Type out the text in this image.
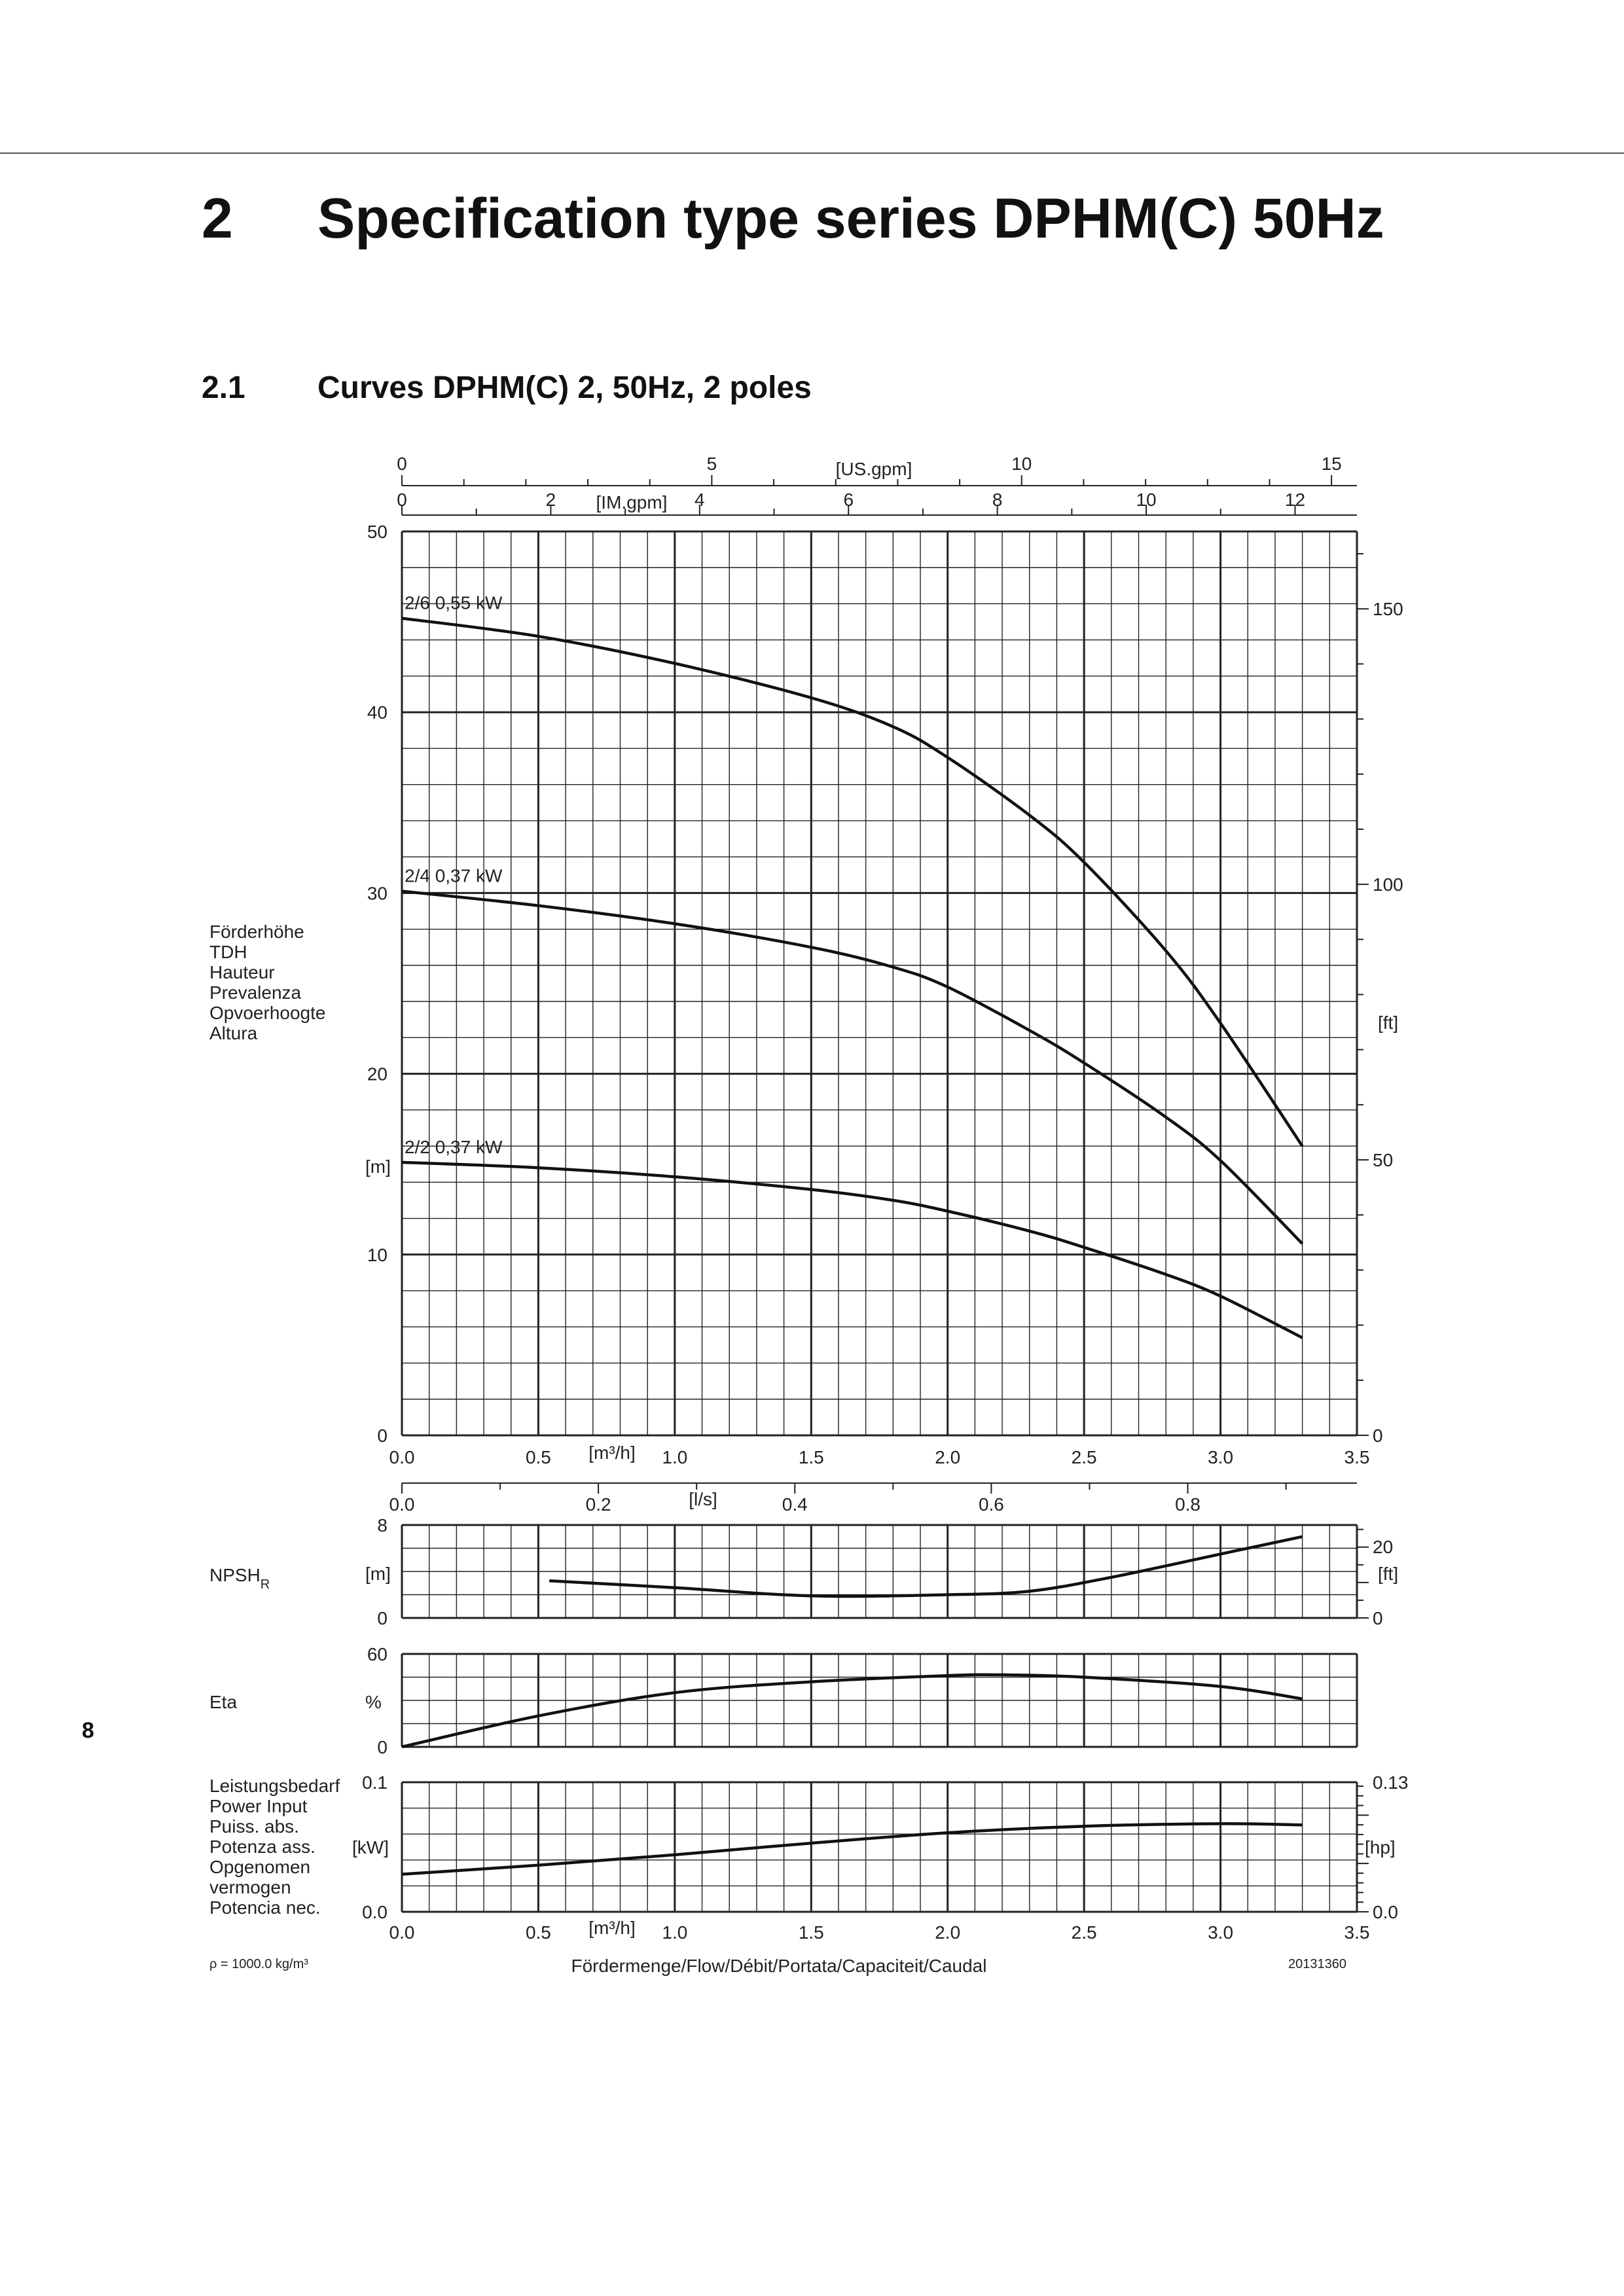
2 Specification type series DPHM(C) 50Hz
2.1 Curves DPHM(C) 2, 50Hz, 2 poles
8
0	5	10	15
[US.gpm]
0	2	4	6	8	10	12
[IM.gpm]
0
10
20
30
40
50
0
50
100
150
[ft]
[m]
Förderhöhe
TDH
Hauteur
Prevalenza
Opvoerhoogte
Altura
0.0	0.5	1.0	1.5	2.0	2.5	3.0	3.5
[m³/h]
0.0	0.2	0.4	0.6	0.8
[l/s]
2/6 0,55 kW
2/4 0,37 kW
2/2 0,37 kW
8
0
[m]
0
20
[ft]
$NPSH_R$
60
0
%
Eta
0.1
0.0
[kW]
0.13
0.0
[hp]
Leistungsbedarf
Power Input
Puiss. abs.
Potenza ass.
Opgenomen
vermogen
Potencia nec.
0.0	0.5	1.0	1.5	2.0	2.5	3.0	3.5
[m³/h]
Fördermenge/Flow/Débit/Portata/Capaciteit/Caudal
ρ = 1000.0 kg/m³	20131360
